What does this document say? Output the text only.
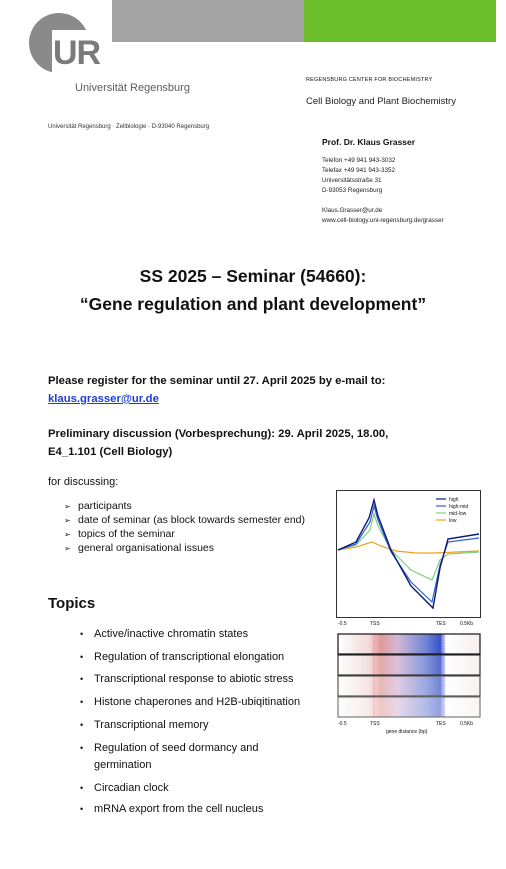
UR
Universität Regensburg
REGENSBURG CENTER FOR BIOCHEMISTRY
Cell Biology and Plant Biochemistry
Universität Regensburg · Zellbiologie · D-93040 Regensburg
Prof. Dr. Klaus Grasser
Telefon +49 941 943-3032
Telefax +49 941 943-3352
Universitätsstraße 31
D-93053 Regensburg
Klaus.Grasser@ur.de
www.cell-biology.uni-regensburg.de/grasser
SS 2025 – Seminar (54660):
“Gene regulation and plant development”
Please register for the seminar until 27. April 2025 by e-mail to:
klaus.grasser@ur.de
Preliminary discussion (Vorbesprechung): 29. April 2025, 18.00,
E4_1.101 (Cell Biology)
for discussing:
➢ participants
➢ date of seminar (as block towards semester end)
➢ topics of the seminar
➢ general organisational issues
Topics
• Active/inactive chromatin states
• Regulation of transcriptional elongation
• Transcriptional response to abiotic stress
• Histone chaperones and H2B-ubiqitination
• Transcriptional memory
• Regulation of seed dormancy and
germination
• Circadian clock
• mRNA export from the cell nucleus
high
high-mid
mid-low
low
-0.5	TSS	TES	0.5Kb
-0.5	TSS	TES	0.5Kb
gene distance (bp)
